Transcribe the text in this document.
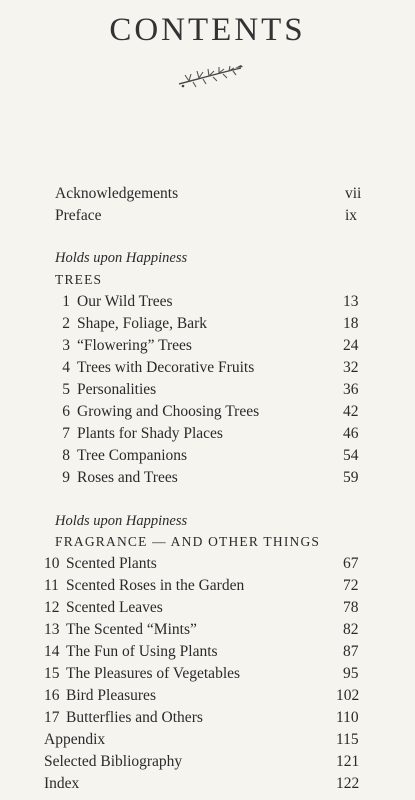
CONTENTS
Acknowledgements	vii
Preface	ix
Holds upon Happiness
TREES
1 Our Wild Trees	13
2 Shape, Foliage, Bark	18
3 “Flowering” Trees	24
4 Trees with Decorative Fruits	32
5 Personalities	36
6 Growing and Choosing Trees	42
7 Plants for Shady Places	46
8 Tree Companions	54
9 Roses and Trees	59
Holds upon Happiness
FRAGRANCE — AND OTHER THINGS
10 Scented Plants	67
11 Scented Roses in the Garden	72
12 Scented Leaves	78
13 The Scented “Mints”	82
14 The Fun of Using Plants	87
15 The Pleasures of Vegetables	95
16 Bird Pleasures	102
17 Butterflies and Others	110
Appendix	115
Selected Bibliography	121
Index	122
